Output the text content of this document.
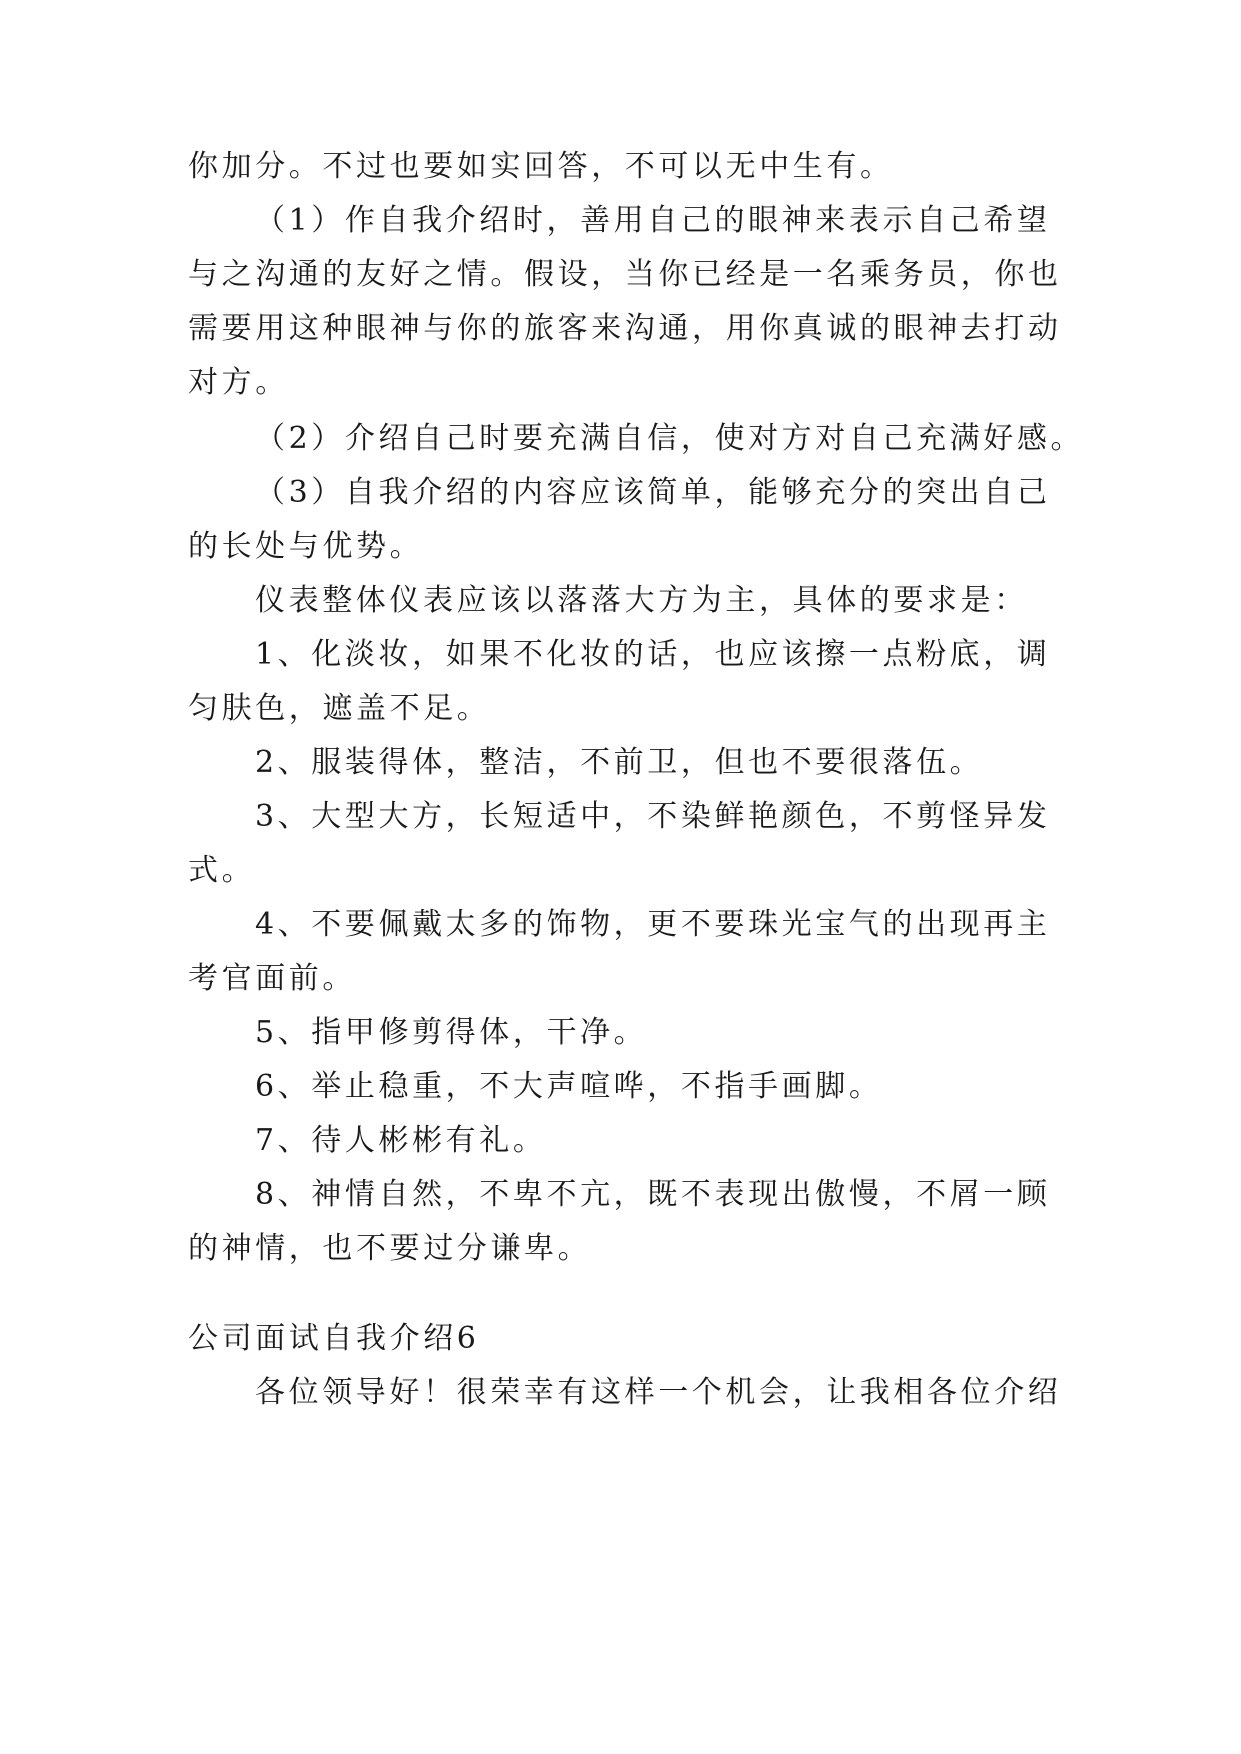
你加分。不过也要如实回答，不可以无中生有。
（1）作自我介绍时，善用自己的眼神来表示自己希望
与之沟通的友好之情。假设，当你已经是一名乘务员，你也
需要用这种眼神与你的旅客来沟通，用你真诚的眼神去打动
对方。
（2）介绍自己时要充满自信，使对方对自己充满好感。
（3）自我介绍的内容应该简单，能够充分的突出自己
的长处与优势。
仪表整体仪表应该以落落大方为主，具体的要求是：
1、化淡妆，如果不化妆的话，也应该擦一点粉底，调
匀肤色，遮盖不足。
2、服装得体，整洁，不前卫，但也不要很落伍。
3、大型大方，长短适中，不染鲜艳颜色，不剪怪异发
式。
4、不要佩戴太多的饰物，更不要珠光宝气的出现再主
考官面前。
5、指甲修剪得体，干净。
6、举止稳重，不大声喧哗，不指手画脚。
7、待人彬彬有礼。
8、神情自然，不卑不亢，既不表现出傲慢，不屑一顾
的神情，也不要过分谦卑。
公司面试自我介绍6
各位领导好！很荣幸有这样一个机会，让我相各位介绍
